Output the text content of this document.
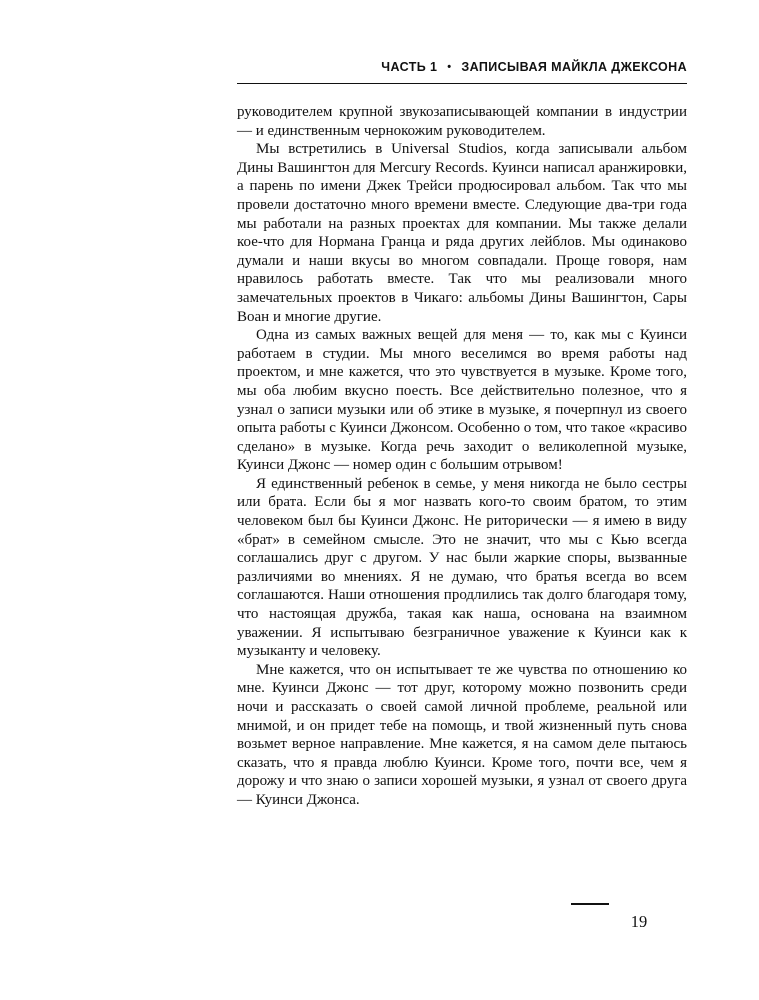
ЧАСТЬ 1 • ЗАПИСЫВАЯ МАЙКЛА ДЖЕКСОНА

руководителем крупной звукозаписывающей компании в индустрии — и единственным чернокожим руководителем.

Мы встретились в Universal Studios, когда записывали альбом Дины Вашингтон для Mercury Records. Куинси написал аранжировки, а парень по имени Джек Трейси продюсировал альбом. Так что мы провели достаточно много времени вместе. Следующие два-три года мы работали на разных проектах для компании. Мы также делали кое-что для Нормана Гранца и ряда других лейблов. Мы одинаково думали и наши вкусы во многом совпадали. Проще говоря, нам нравилось работать вместе. Так что мы реализовали много замечательных проектов в Чикаго: альбомы Дины Вашингтон, Сары Воан и многие другие.

Одна из самых важных вещей для меня — то, как мы с Куинси работаем в студии. Мы много веселимся во время работы над проектом, и мне кажется, что это чувствуется в музыке. Кроме того, мы оба любим вкусно поесть. Все действительно полезное, что я узнал о записи музыки или об этике в музыке, я почерпнул из своего опыта работы с Куинси Джонсом. Особенно о том, что такое «красиво сделано» в музыке. Когда речь заходит о великолепной музыке, Куинси Джонс — номер один с большим отрывом!

Я единственный ребенок в семье, у меня никогда не было сестры или брата. Если бы я мог назвать кого-то своим братом, то этим человеком был бы Куинси Джонс. Не риторически — я имею в виду «брат» в семейном смысле. Это не значит, что мы с Кью всегда соглашались друг с другом. У нас были жаркие споры, вызванные различиями во мнениях. Я не думаю, что братья всегда во всем соглашаются. Наши отношения продлились так долго благодаря тому, что настоящая дружба, такая как наша, основана на взаимном уважении. Я испытываю безграничное уважение к Куинси как к музыканту и человеку.

Мне кажется, что он испытывает те же чувства по отношению ко мне. Куинси Джонс — тот друг, которому можно позвонить среди ночи и рассказать о своей самой личной проблеме, реальной или мнимой, и он придет тебе на помощь, и твой жизненный путь снова возьмет верное направление. Мне кажется, я на самом деле пытаюсь сказать, что я правда люблю Куинси. Кроме того, почти все, чем я дорожу и что знаю о записи хорошей музыки, я узнал от своего друга — Куинси Джонса.

19
